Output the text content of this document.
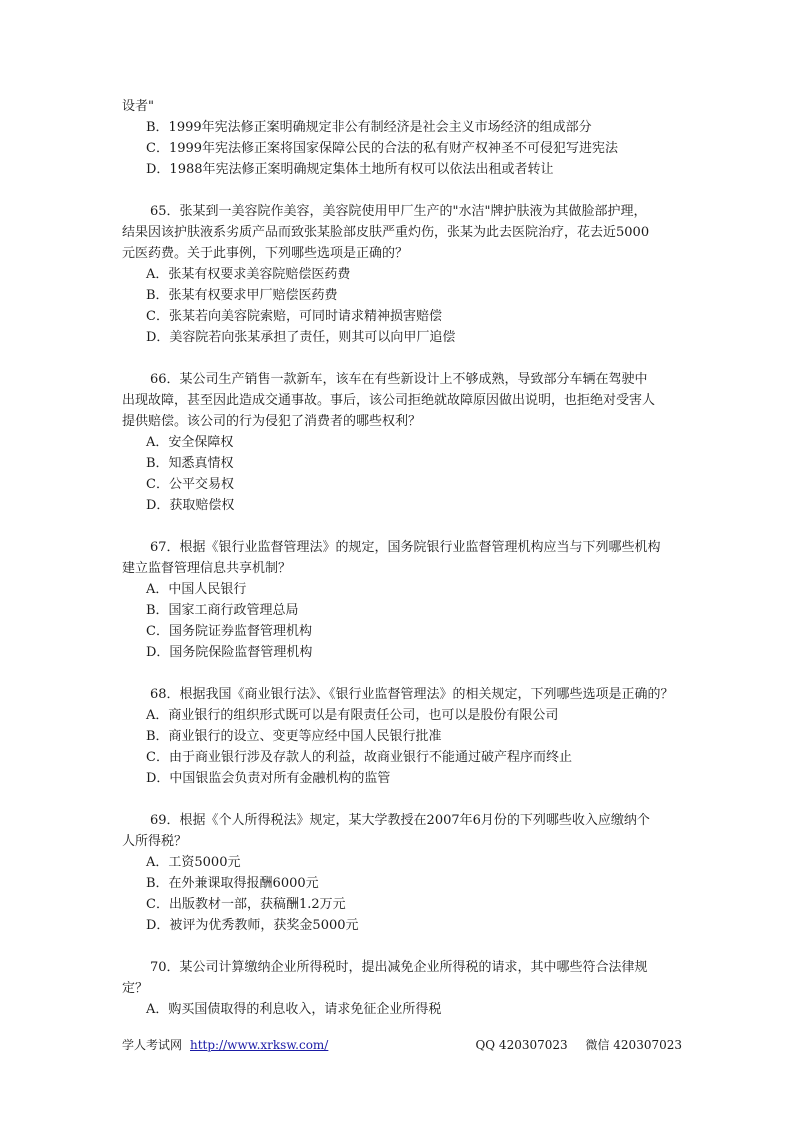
设者"
B．1999年宪法修正案明确规定非公有制经济是社会主义市场经济的组成部分
C．1999年宪法修正案将国家保障公民的合法的私有财产权神圣不可侵犯写进宪法
D．1988年宪法修正案明确规定集体土地所有权可以依法出租或者转让
65．张某到一美容院作美容，美容院使用甲厂生产的"水洁"牌护肤液为其做脸部护理，
结果因该护肤液系劣质产品而致张某脸部皮肤严重灼伤，张某为此去医院治疗，花去近5000
元医药费。关于此事例，下列哪些选项是正确的？
A．张某有权要求美容院赔偿医药费
B．张某有权要求甲厂赔偿医药费
C．张某若向美容院索赔，可同时请求精神损害赔偿
D．美容院若向张某承担了责任，则其可以向甲厂追偿
66．某公司生产销售一款新车，该车在有些新设计上不够成熟，导致部分车辆在驾驶中
出现故障，甚至因此造成交通事故。事后，该公司拒绝就故障原因做出说明，也拒绝对受害人
提供赔偿。该公司的行为侵犯了消费者的哪些权利？
A．安全保障权
B．知悉真情权
C．公平交易权
D．获取赔偿权
67．根据《银行业监督管理法》的规定，国务院银行业监督管理机构应当与下列哪些机构
建立监督管理信息共享机制？
A．中国人民银行
B．国家工商行政管理总局
C．国务院证券监督管理机构
D．国务院保险监督管理机构
68．根据我国《商业银行法》、《银行业监督管理法》的相关规定，下列哪些选项是正确的？
A．商业银行的组织形式既可以是有限责任公司，也可以是股份有限公司
B．商业银行的设立、变更等应经中国人民银行批准
C．由于商业银行涉及存款人的利益，故商业银行不能通过破产程序而终止
D．中国银监会负责对所有金融机构的监管
69．根据《个人所得税法》规定，某大学教授在2007年6月份的下列哪些收入应缴纳个
人所得税？
A．工资5000元
B．在外兼课取得报酬6000元
C．出版教材一部，获稿酬1.2万元
D．被评为优秀教师，获奖金5000元
70．某公司计算缴纳企业所得税时，提出减免企业所得税的请求，其中哪些符合法律规
定？
A．购买国债取得的利息收入，请求免征企业所得税
学人考试网 http://www.xrksw.com/	QQ 420307023 微信 420307023
